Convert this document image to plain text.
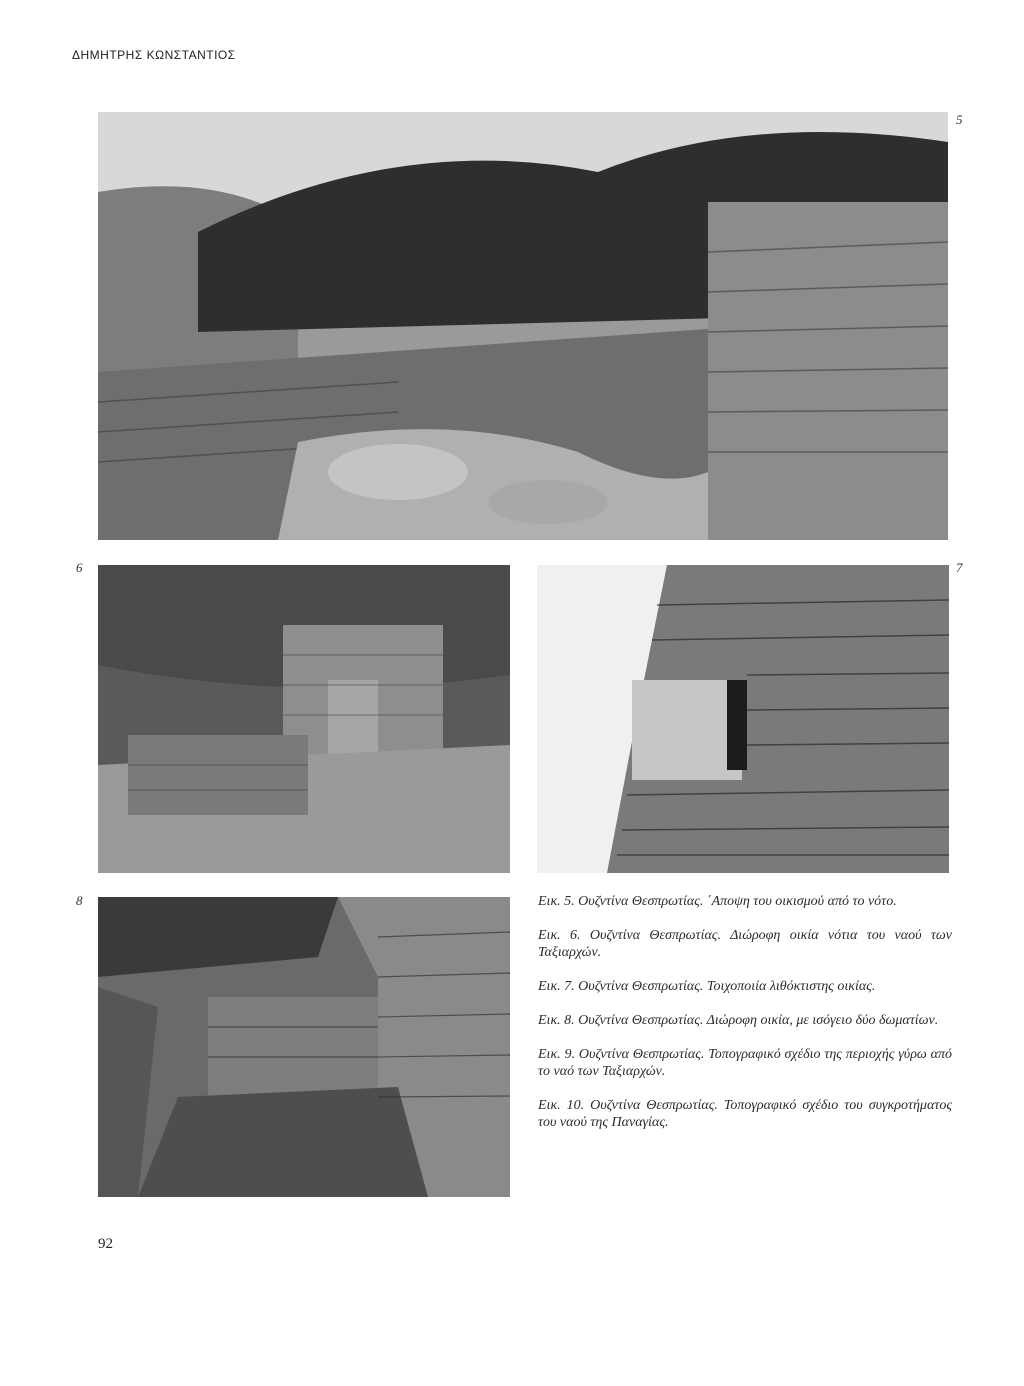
ΔΗΜΗΤΡΗΣ ΚΩΝΣΤΑΝΤΙΟΣ
5
6	7
8	Εικ. 5. Ουζντίνα Θεσπρωτίας. ΄Αποψη του οικισμού από το νότο.

Εικ. 6. Ουζντίνα Θεσπρωτίας. Διώροφη οικία νότια του ναού των Ταξιαρχών.

Εικ. 7. Ουζντίνα Θεσπρωτίας. Τοιχοποιία λιθόκτιστης οικίας.

Εικ. 8. Ουζντίνα Θεσπρωτίας. Διώροφη οικία, με ισόγειο δύο δωματίων.

Εικ. 9. Ουζντίνα Θεσπρωτίας. Τοπογραφικό σχέδιο της περιοχής γύρω από το ναό των Ταξιαρχών.

Εικ. 10. Ουζντίνα Θεσπρωτίας. Τοπογραφικό σχέδιο του συγκροτήματος του ναού της Παναγίας.

92
